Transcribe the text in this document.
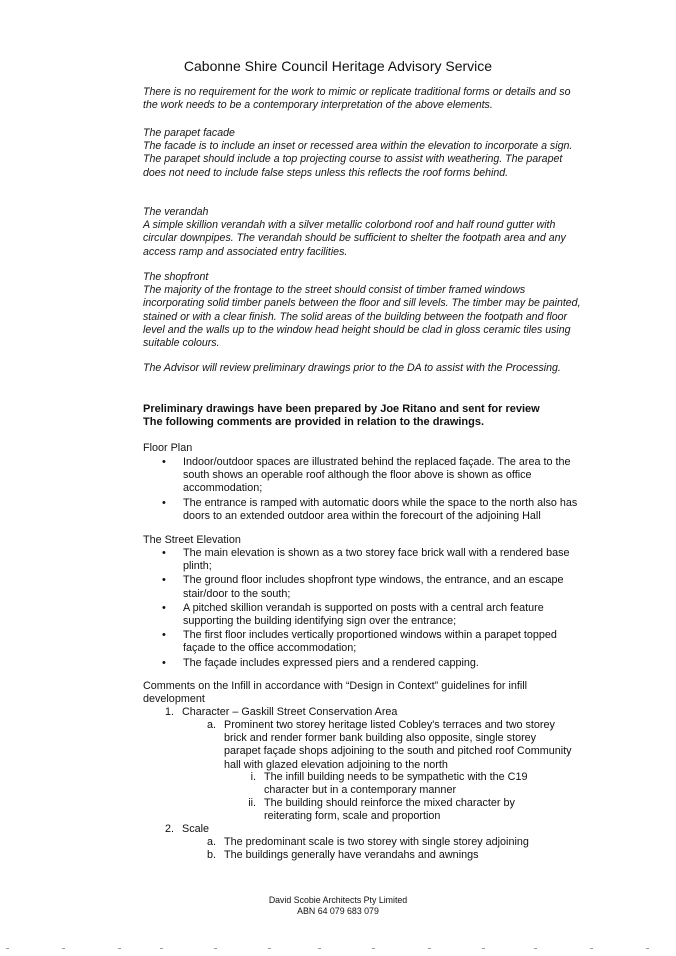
Cabonne Shire Council Heritage Advisory Service
There is no requirement for the work to mimic or replicate traditional forms or details and so the work needs to be a contemporary interpretation of the above elements.
The parapet facade
The facade is to include an inset or recessed area within the elevation to incorporate a sign. The parapet should include a top projecting course to assist with weathering. The parapet does not need to include false steps unless this reflects the roof forms behind.
The verandah
A simple skillion verandah with a silver metallic colorbond roof and half round gutter with circular downpipes. The verandah should be sufficient to shelter the footpath area and any access ramp and associated entry facilities.
The shopfront
The majority of the frontage to the street should consist of timber framed windows incorporating solid timber panels between the floor and sill levels. The timber may be painted, stained or with a clear finish. The solid areas of the building between the footpath and floor level and the walls up to the window head height should be clad in gloss ceramic tiles using suitable colours.
The Advisor will review preliminary drawings prior to the DA to assist with the Processing.
Preliminary drawings have been prepared by Joe Ritano and sent for review
The following comments are provided in relation to the drawings.
Floor Plan
• Indoor/outdoor spaces are illustrated behind the replaced façade. The area to the south shows an operable roof although the floor above is shown as office accommodation;
• The entrance is ramped with automatic doors while the space to the north also has doors to an extended outdoor area within the forecourt of the adjoining Hall
The Street Elevation
• The main elevation is shown as a two storey face brick wall with a rendered base plinth;
• The ground floor includes shopfront type windows, the entrance, and an escape stair/door to the south;
• A pitched skillion verandah is supported on posts with a central arch feature supporting the building identifying sign over the entrance;
• The first floor includes vertically proportioned windows within a parapet topped façade to the office accommodation;
• The façade includes expressed piers and a rendered capping.
Comments on the Infill in accordance with “Design in Context” guidelines for infill development
1. Character – Gaskill Street Conservation Area
a. Prominent two storey heritage listed Cobley's terraces and two storey brick and render former bank building also opposite, single storey parapet façade shops adjoining to the south and pitched roof Community hall with glazed elevation adjoining to the north
i. The infill building needs to be sympathetic with the C19 character but in a contemporary manner
ii. The building should reinforce the mixed character by reiterating form, scale and proportion
2. Scale
a. The predominant scale is two storey with single storey adjoining
b. The buildings generally have verandahs and awnings
David Scobie Architects Pty Limited
ABN 64 079 683 079
